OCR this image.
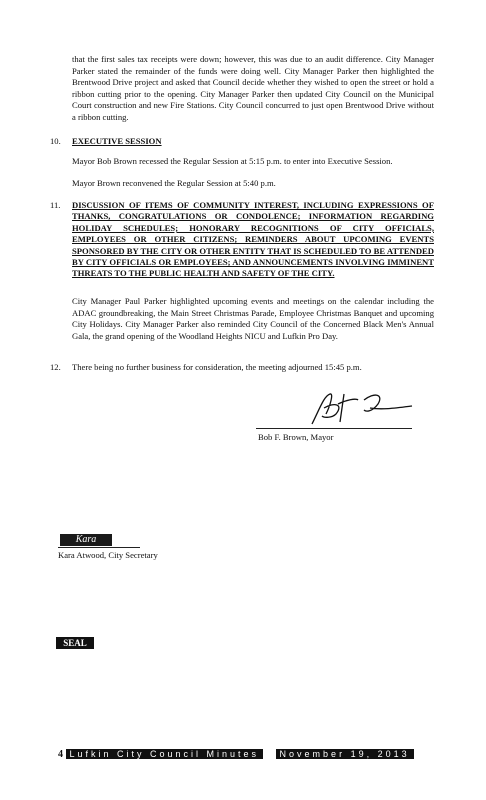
that the first sales tax receipts were down; however, this was due to an audit difference. City Manager Parker stated the remainder of the funds were doing well. City Manager Parker then highlighted the Brentwood Drive project and asked that Council decide whether they wished to open the street or hold a ribbon cutting prior to the opening. City Manager Parker then updated City Council on the Municipal Court construction and new Fire Stations. City Council concurred to just open Brentwood Drive without a ribbon cutting.
10. EXECUTIVE SESSION
Mayor Bob Brown recessed the Regular Session at 5:15 p.m. to enter into Executive Session.
Mayor Brown reconvened the Regular Session at 5:40 p.m.
11. DISCUSSION OF ITEMS OF COMMUNITY INTEREST, INCLUDING EXPRESSIONS OF THANKS, CONGRATULATIONS OR CONDOLENCE; INFORMATION REGARDING HOLIDAY SCHEDULES; HONORARY RECOGNITIONS OF CITY OFFICIALS, EMPLOYEES OR OTHER CITIZENS; REMINDERS ABOUT UPCOMING EVENTS SPONSORED BY THE CITY OR OTHER ENTITY THAT IS SCHEDULED TO BE ATTENDED BY CITY OFFICIALS OR EMPLOYEES; AND ANNOUNCEMENTS INVOLVING IMMINENT THREATS TO THE PUBLIC HEALTH AND SAFETY OF THE CITY.
City Manager Paul Parker highlighted upcoming events and meetings on the calendar including the ADAC groundbreaking, the Main Street Christmas Parade, Employee Christmas Banquet and upcoming City Holidays. City Manager Parker also reminded City Council of the Concerned Black Men's Annual Gala, the grand opening of the Woodland Heights NICU and Lufkin Pro Day.
12. There being no further business for consideration, the meeting adjourned 15:45 p.m.
Bob F. Brown, Mayor
Kara
Kara Atwood, City Secretary
SEAL
4 Lufkin City Council Minutes November 19, 2013
